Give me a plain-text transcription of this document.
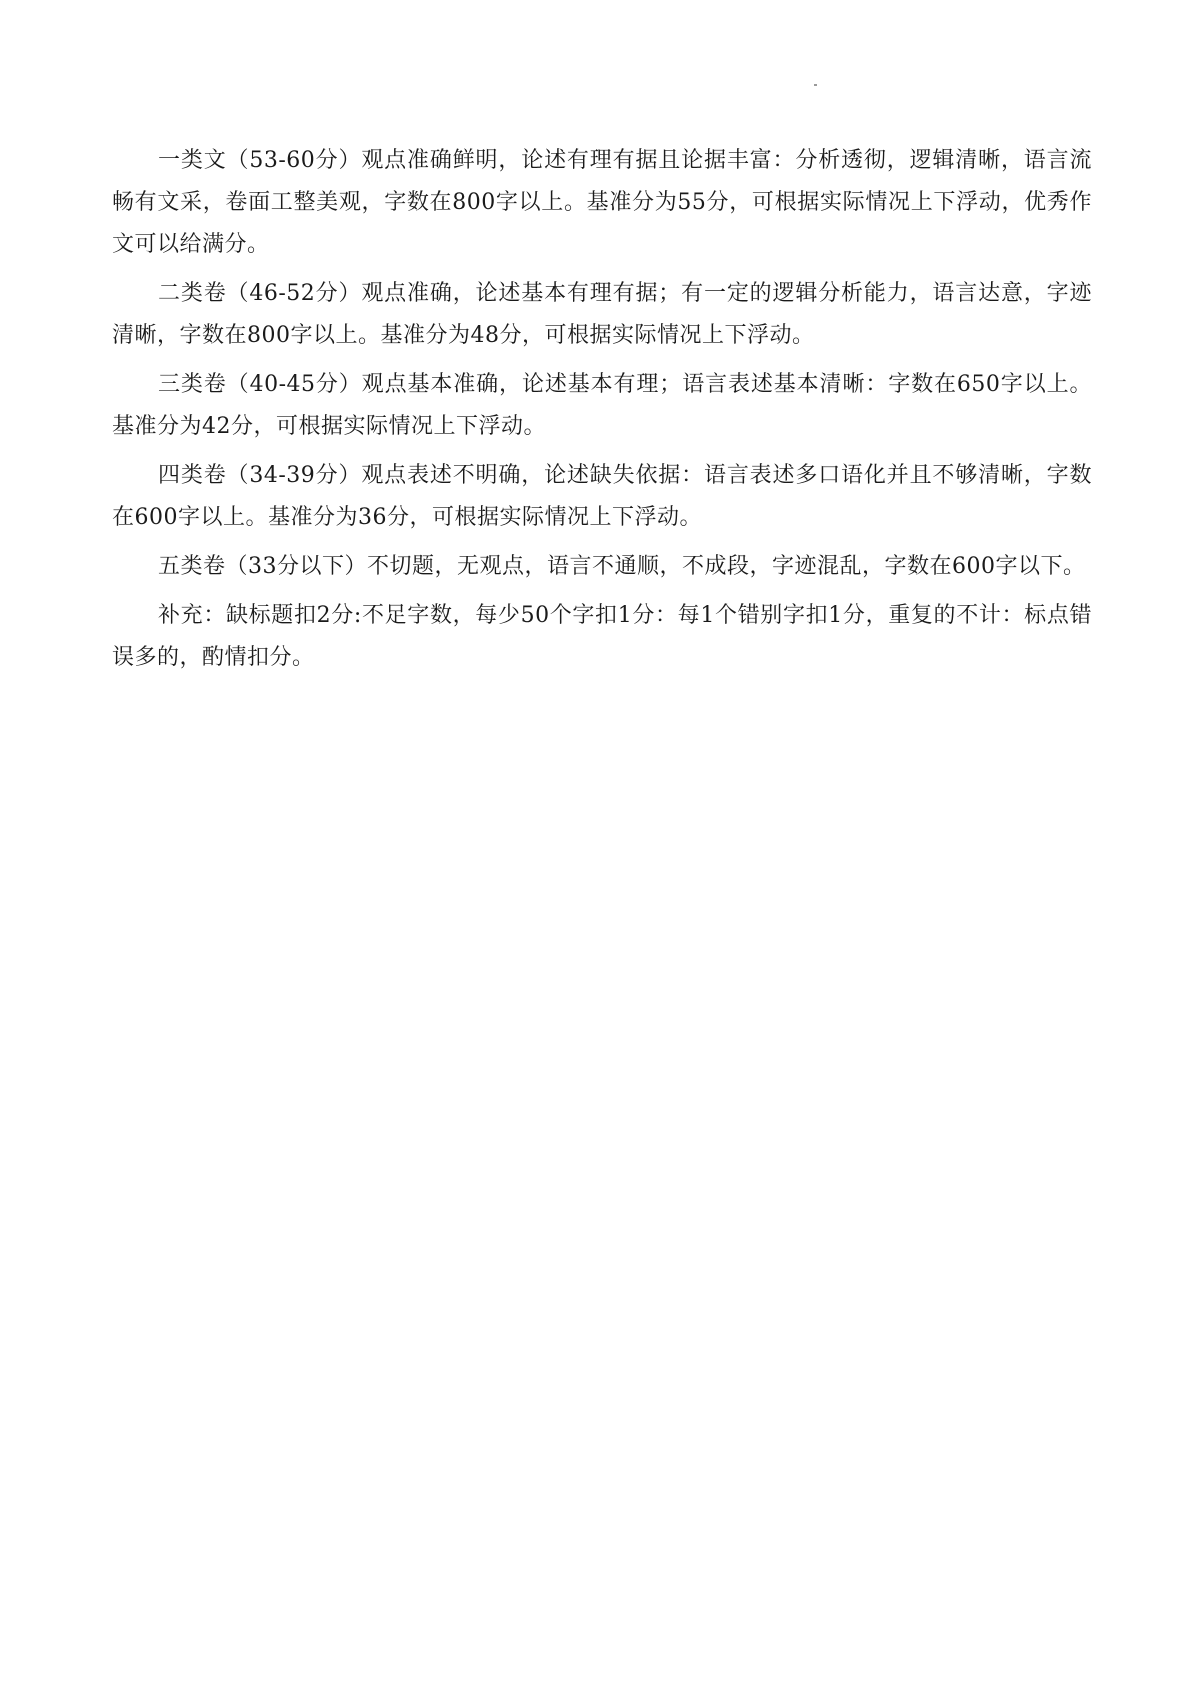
一类文（53-60分）观点准确鲜明，论述有理有据且论据丰富：分析透彻，逻辑清晰，语言流畅有文采，卷面工整美观，字数在800字以上。基准分为55分，可根据实际情况上下浮动，优秀作文可以给满分。

二类卷（46-52分）观点准确，论述基本有理有据；有一定的逻辑分析能力，语言达意，字迹清晰，字数在800字以上。基准分为48分，可根据实际情况上下浮动。

三类卷（40-45分）观点基本准确，论述基本有理；语言表述基本清晰：字数在650字以上。基准分为42分，可根据实际情况上下浮动。

四类卷（34-39分）观点表述不明确，论述缺失依据：语言表述多口语化并且不够清晰，字数在600字以上。基准分为36分，可根据实际情况上下浮动。

五类卷（33分以下）不切题，无观点，语言不通顺，不成段，字迹混乱，字数在600字以下。

补充：缺标题扣2分:不足字数，每少50个字扣1分：每1个错别字扣1分，重复的不计：标点错误多的，酌情扣分。
